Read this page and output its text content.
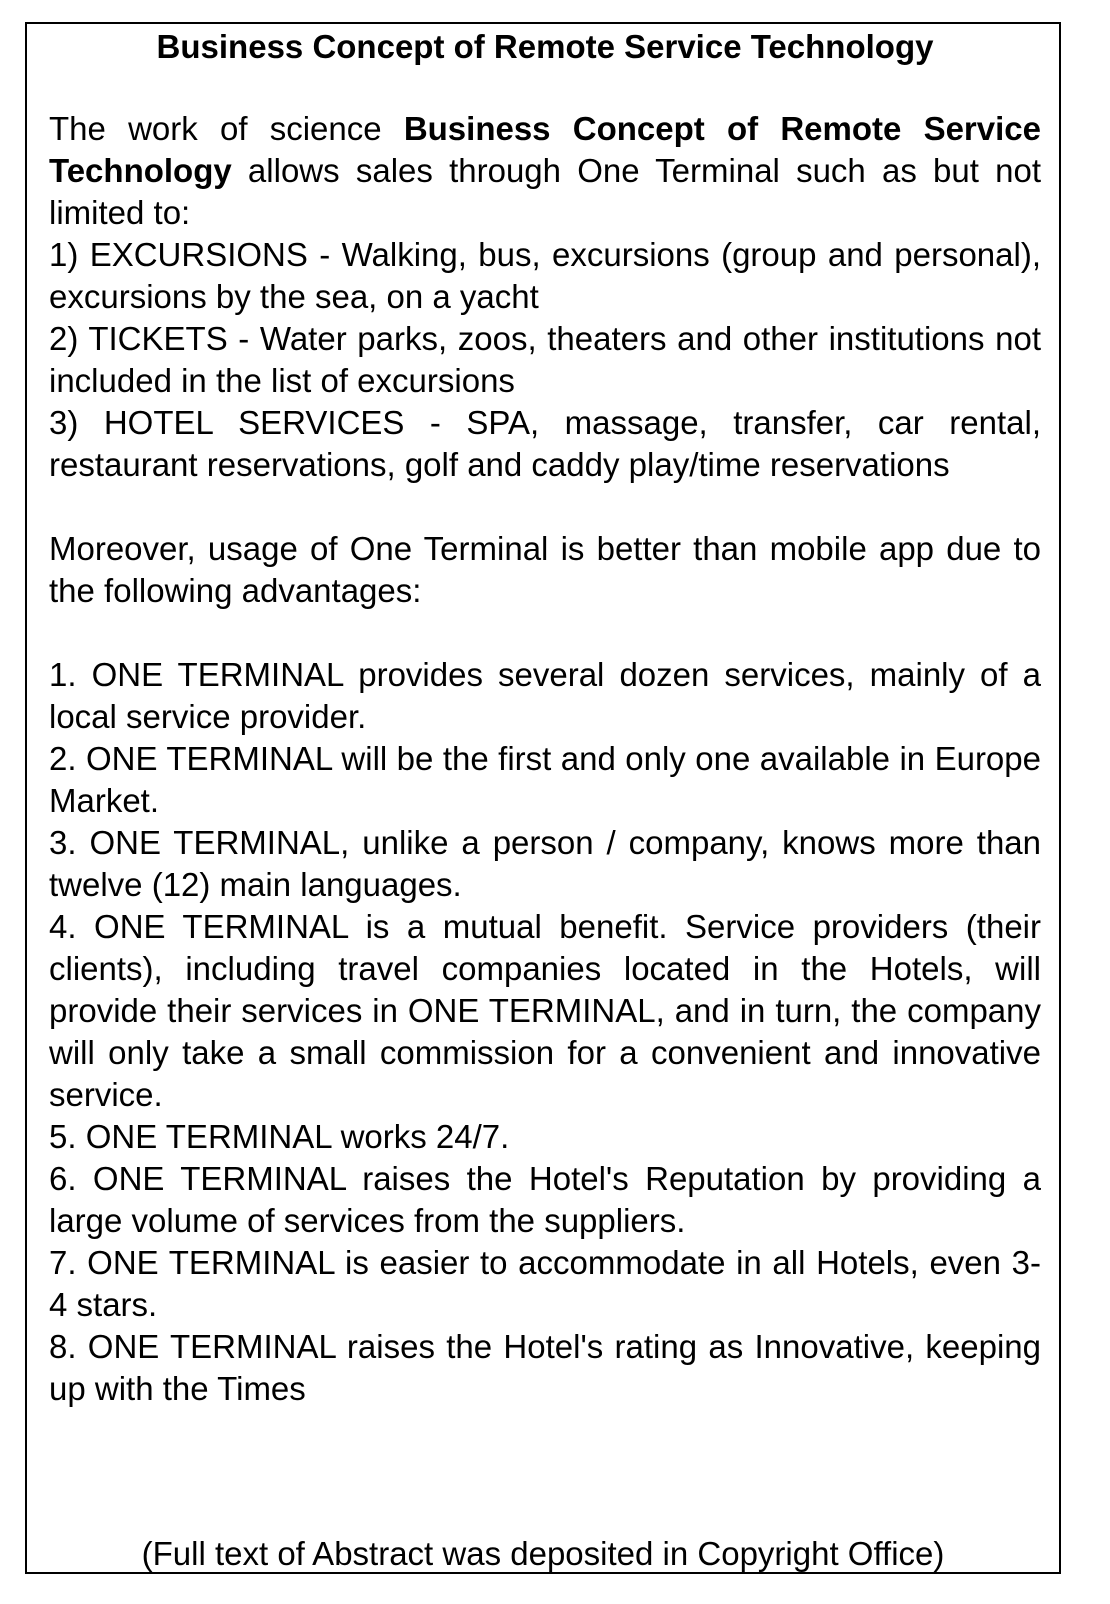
Business Concept of Remote Service Technology

The work of science Business Concept of Remote Service Technology allows sales through One Terminal such as but not limited to:

1) EXCURSIONS - Walking, bus, excursions (group and personal), excursions by the sea, on a yacht

2) TICKETS - Water parks, zoos, theaters and other institutions not included in the list of excursions

3) HOTEL SERVICES - SPA, massage, transfer, car rental, restaurant reservations, golf and caddy play/time reservations

Moreover, usage of One Terminal is better than mobile app due to the following advantages:

1. ONE TERMINAL provides several dozen services, mainly of a local service provider.

2. ONE TERMINAL will be the first and only one available in Europe Market.

3. ONE TERMINAL, unlike a person / company, knows more than twelve (12) main languages.

4. ONE TERMINAL is a mutual benefit. Service providers (their clients), including travel companies located in the Hotels, will provide their services in ONE TERMINAL, and in turn, the company will only take a small commission for a convenient and innovative service.

5. ONE TERMINAL works 24/7.

6. ONE TERMINAL raises the Hotel's Reputation by providing a large volume of services from the suppliers.

7. ONE TERMINAL is easier to accommodate in all Hotels, even 3-4 stars.

8. ONE TERMINAL raises the Hotel's rating as Innovative, keeping up with the Times

(Full text of Abstract was deposited in Copyright Office)
